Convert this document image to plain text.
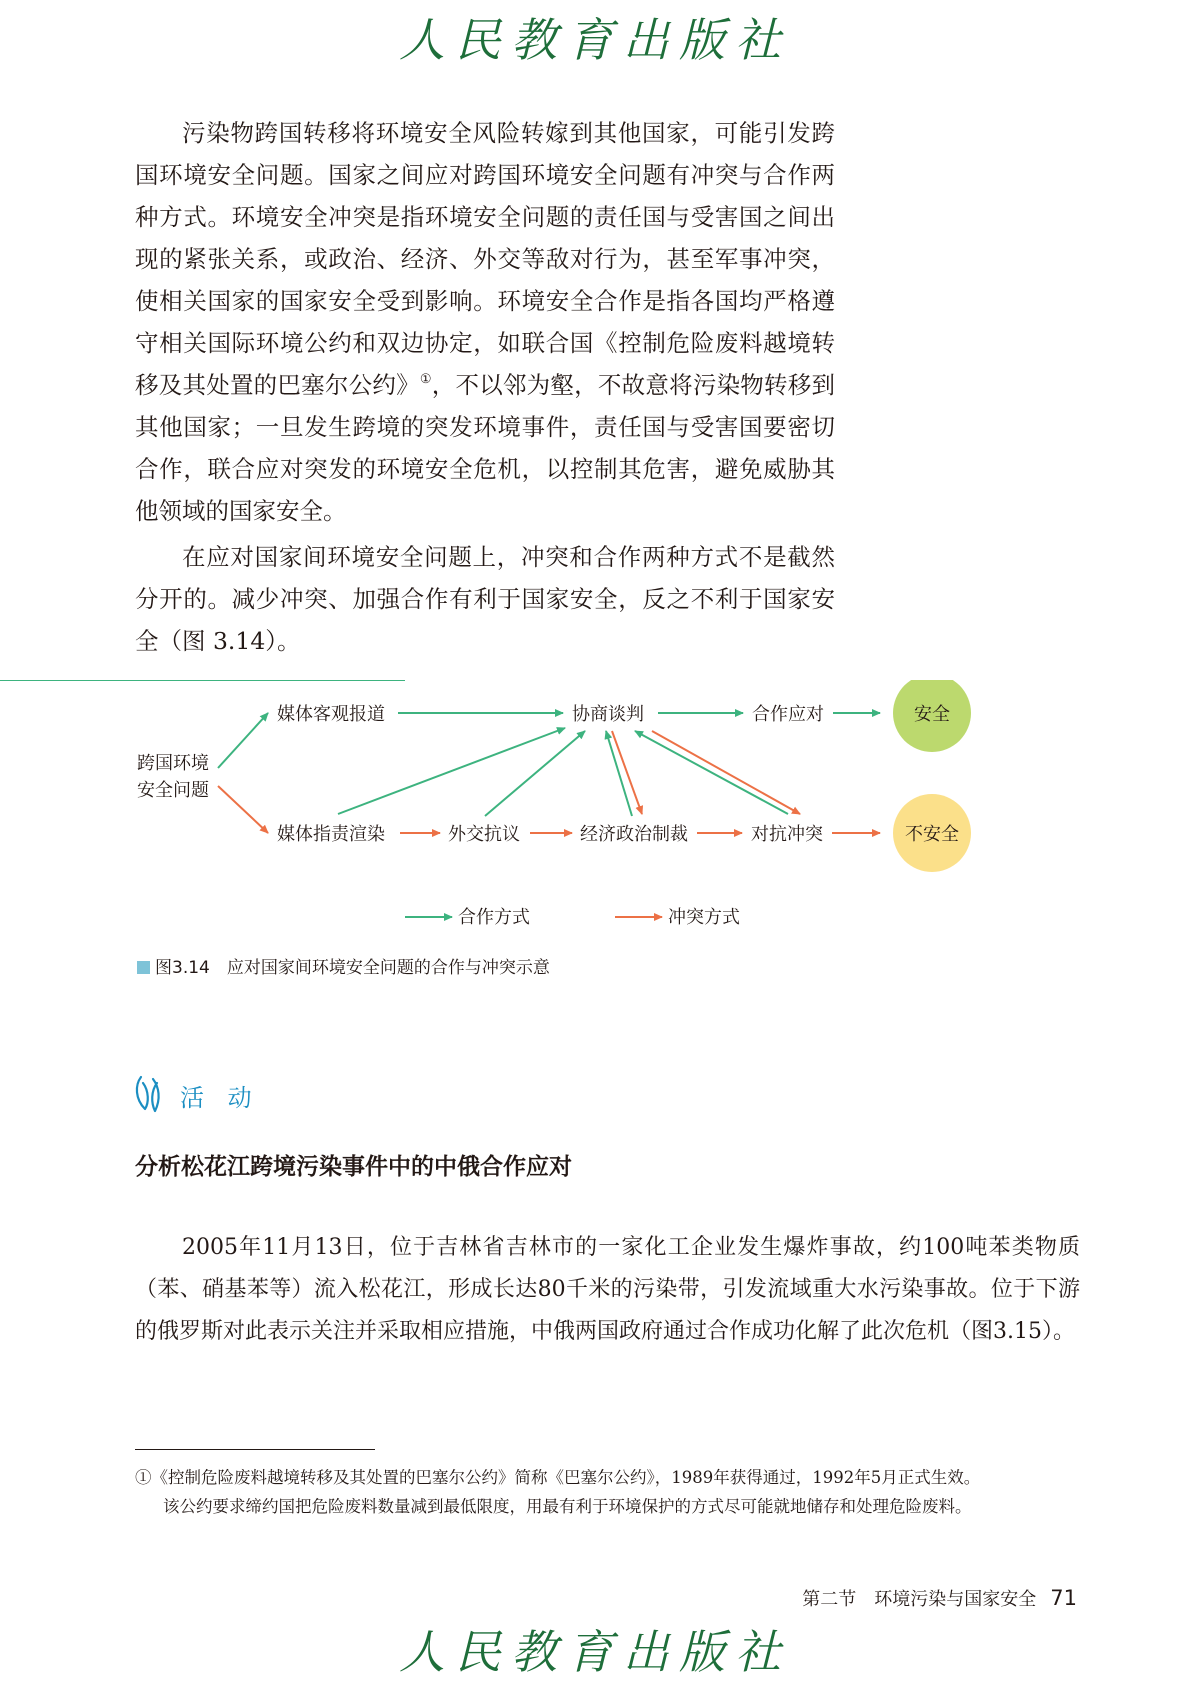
人民教育出版社
污染物跨国转移将环境安全风险转嫁到其他国家，可能引发跨国环境安全问题。国家之间应对跨国环境安全问题有冲突与合作两种方式。环境安全冲突是指环境安全问题的责任国与受害国之间出现的紧张关系，或政治、经济、外交等敌对行为，甚至军事冲突，使相关国家的国家安全受到影响。环境安全合作是指各国均严格遵守相关国际环境公约和双边协定，如联合国《控制危险废料越境转移及其处置的巴塞尔公约》①，不以邻为壑，不故意将污染物转移到其他国家；一旦发生跨境的突发环境事件，责任国与受害国要密切合作，联合应对突发的环境安全危机，以控制其危害，避免威胁其他领域的国家安全。
在应对国家间环境安全问题上，冲突和合作两种方式不是截然分开的。减少冲突、加强合作有利于国家安全，反之不利于国家安全（图 3.14）。
跨国环境
安全问题
媒体客观报道	协商谈判	合作应对	安全
媒体指责渲染	外交抗议	经济政治制裁	对抗冲突	不安全
合作方式	冲突方式
图3.14  应对国家间环境安全问题的合作与冲突示意
活 动
分析松花江跨境污染事件中的中俄合作应对
2005年11月13日，位于吉林省吉林市的一家化工企业发生爆炸事故，约100吨苯类物质（苯、硝基苯等）流入松花江，形成长达80千米的污染带，引发流域重大水污染事故。位于下游的俄罗斯对此表示关注并采取相应措施，中俄两国政府通过合作成功化解了此次危机（图3.15）。
①《控制危险废料越境转移及其处置的巴塞尔公约》简称《巴塞尔公约》，1989年获得通过，1992年5月正式生效。
该公约要求缔约国把危险废料数量减到最低限度，用最有利于环境保护的方式尽可能就地储存和处理危险废料。
第二节　环境污染与国家安全 71
人民教育出版社
